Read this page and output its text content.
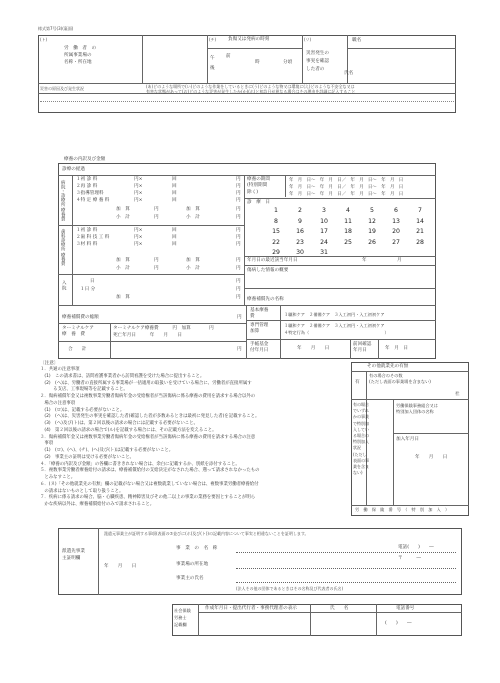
様式第7号(3)(裏面)
(ト)
労　働　者　の
所属事業場の
名称・所在地
(チ)	負傷又は発病の時刻
午
後
前
時	分頃
(リ)
災害発生の
事実を確認
した者の
職名
氏名
災害の原因及び発生状況	(あ)どのような場所で(い)どのような作業をしているときに(う)どのような物又は環境に(え)どのような不安全な又は
有害な状態があって(お)どのような災害が発生したか(か)(ホ)と初診日が異なる場合はその理由を詳細に記入すること
療養の内訳及び金額
診療の経過
病院・診療所 療養費
１初 診 料	円×	回	円
２再 診 料	円×	回	円
３指導管理料	円×	回	円
４特 定 療 養 料	円×	回	円
加　算	円	加　算	円
小　計	円	小　計	円
歯科診療所 療養費 １初 診 料	円×	回	円
２歯 科 技 工 料	円×	回	円
３材 料 料	円×	回	円
加　算	円	加　算	円
小　計	円	小　計	円
入 院	日	円
１日 分	円
加　算	円
療養の期間
(特別期間
除く)
年　月　日～　年　月　日／　年　月　日～　年　月　日
年　月　日～　年　月　日／　年　月　日～　年　月　日
年　月　日～　年　月　日／　年　月　日～　年　月　日
診　療　日
1	2	3	4	5	6	7
8	9	10	11	12	13	14
15	16	17	18	19	20	21
22	23	24	25	26	27	28
29	30	31
年月日の最近該当年月日	年	月
傷病した情報の概要
療養補償先の名称
療養補償費の総額	円
ターミナルケア
療　養　費
ターミナルケア療養費　　　円　加算　　　　円
死亡年月日　　　年　　月　　日
合　　計	円
基本療養
費	１職和ケア　２備備ケア　３入工初円・入工初初ケア
専門管理
加算
１職和ケア　２備備ケア　３入工初円・入工初初ケア
４特定行為（　　　　　　　　　　　　　　　　　　）
手帳基金
付年月日	年　　月　　日
前回確認
年月日	年　月　日
〔注意〕
１．共通の注意事項
　(1)　この請求書は、訪問看護事業者から訪問看護を受けた場合に提出すること。
　(2)　(ヘ)は、労働者の直接所属する事業場が一括適用の取扱いを受けている場合に、労働者が直接所属す
　　　る支店、工事現場等を記載すること。
２．傷病補償年金又は複数事業労働者傷病年金の受給権者が当該傷病に係る療養の費用を請求する場合以外の
　場合の注意事項
　(1)　(ロ)は、記載する必要がないこと。
　(2)　(ヘ)は、災害発生の事実を確認した者(確認した者が多数あるときは最初に発見した者)を記載すること。
　(3)　(ヘ)及び(ト)は、第２回以後の請求の場合には記載する必要がないこと。
　(4)　第２回以後の請求の場合で(ル)を記載する場合には、その記載方法を変えること。
３．傷病補償年金又は複数事業労働者傷病年金の受給権者が当該傷病に係る療養の費用を請求する場合の注意
　事項
　(1)　(ロ)、(ヘ)、(チ)、(ヘ)及び(ト)は記載する必要がないこと。
　(2)　事業主の証明は受ける必要がないこと。
４．「療養の内訳及び金額」の各欄に書ききれない場合は、余白に記載するか、別紙を添付すること。
５．複数事業労働者療養給付の請求は、療養補償給付の支給決定がなされた場合、遡って請求されなかったもの
　とみなすこと。
６．(ヌ)「その他就業先の有無」欄の記載がない場合又は複数就業していない場合は、複数事業労働者療養給付
　の請求はないものとして取り扱うこと。
７．疾病に係る請求の場合、脳・心臓疾患、精神障害及びその他二以上の事業の業務を要因とすることが明ら
　かな疾病以外は、療養補償給付のみで請求されること。
その他就業先の有無
有
有の場合のその数
(ただし表面の事業場を含まない)
社
有の場合
でいずれ
かの事業
で特別加
入してい
る場合の
特別加入
状況
(ただし
表面の事
業を含ま
ない)
労働保険事務組合又は
特別加入団体の名称
加入年月日
年　　月　　日
労　働　保　険　番　号　（　特　別　加　入　）
派遣先事業
主証明欄
年　　月　　日
派遣元事業主が証明する事項(表面の⑦並びに(ホ)及び(ト))の記載内容について事実と相違ないことを証明します。
事　業　の　名　称	電話(　　)　　―
〒　　　―
事業場の所在地
事業主の氏名
(法人その他の団体であるときはその名称及び代表者の氏名)
社会保険
労務士
記載欄
作成年月日・提出代行者・事務代理者の表示	氏　　名	電話番号
(　　)　　―
